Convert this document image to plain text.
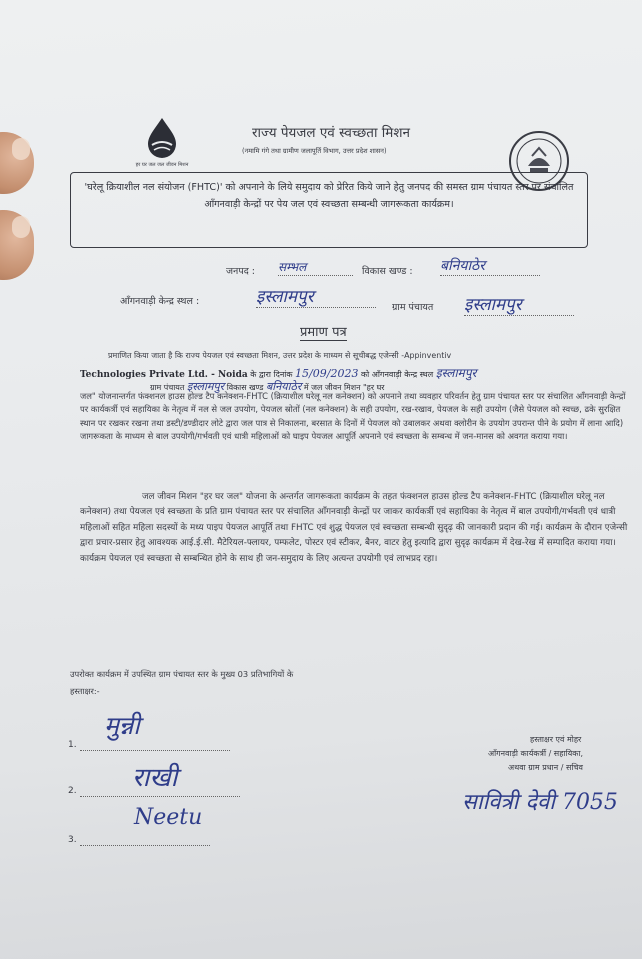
हर घर जल जल जीवन मिशन
राज्य पेयजल एवं स्वच्छता मिशन
(नमामि गंगे तथा ग्रामीण जलापूर्ति विभाग, उत्तर प्रदेश शासन)
'घरेलू क्रियाशील नल संयोजन (FHTC)' को अपनाने के लिये समुदाय को प्रेरित किये जाने हेतु जनपद की समस्त ग्राम पंचायत स्तर पर संचालित आँगनवाड़ी केन्द्रों पर पेय जल एवं स्वच्छता सम्बन्धी जागरूकता कार्यक्रम।
जनपद : सम्भल	विकास खण्ड : बनियाठेर
आँगनवाड़ी केन्द्र स्थल :	इस्लामपुर
ग्राम पंचायत इस्लामपुर
प्रमाण पत्र
प्रमाणित किया जाता है कि राज्य पेयजल एवं स्वच्छता मिशन, उत्तर प्रदेश के माध्यम से सूचीबद्ध एजेन्सी -Appinventiv
Technologies Private Ltd. - Noida के द्वारा दिनांक 15/09/2023 को आँगनवाड़ी केन्द्र स्थल इस्लामपुर
ग्राम पंचायत इस्लामपुर विकास खण्ड बनियाठेर में जल जीवन मिशन "हर घर
जल" योजनान्तर्गत फंक्शनल हाउस होल्ड टैप कनेक्शन-FHTC (क्रियाशील घरेलू नल कनेक्शन) को अपनाने तथा व्यवहार परिवर्तन हेतु ग्राम पंचायत स्तर पर संचालित आँगनवाड़ी केन्द्रों पर कार्यकर्त्री एवं सहायिका के नेतृत्व में नल से जल उपयोग, पेयजल स्रोतों (नल कनेक्शन) के सही उपयोग, रख-रखाव, पेयजल के सही उपयोग (जैसे पेयजल को स्वच्छ, ढके सुरक्षित स्थान पर रखकर रखना तथा डस्टी/डण्डीदार लोटे द्वारा जल पात्र से निकालना, बरसात के दिनों में पेयजल को उबालकर अथवा क्लोरीन के उपयोग उपरान्त पीने के प्रयोग में लाना आदि) जागरूकता के माध्यम से बाल उपयोगी/गर्भवती एवं धात्री महिलाओं को घाइप पेयजल आपूर्ति अपनाने एवं स्वच्छता के सम्बन्ध में जन-मानस को अवगत कराया गया।
जल जीवन मिशन "हर घर जल" योजना के अन्तर्गत जागरूकता कार्यक्रम के तहत फंक्शनल हाउस होल्ड टैप कनेक्शन-FHTC (क्रियाशील घरेलू नल कनेक्शन) तथा पेयजल एवं स्वच्छता के प्रति ग्राम पंचायत स्तर पर संचालित आँगनवाड़ी केन्द्रों पर जाकर कार्यकर्त्री एवं सहायिका के नेतृत्व में बाल उपयोगी/गर्भवती एवं धात्री महिलाओं सहित महिला सदस्यों के मध्य पाइप पेयजल आपूर्ति तथा FHTC एवं शुद्ध पेयजल एवं स्वच्छता सम्बन्धी सुदृढ़ की जानकारी प्रदान की गई। कार्यक्रम के दौरान एजेन्सी द्वारा प्रचार-प्रसार हेतु आवश्यक आई.ई.सी. मैटेरियल-फ्लायर, पम्फलेट, पोस्टर एवं स्टीकर, बैनर, वाटर हेतु इत्यादि द्वारा सुदृढ़ कार्यक्रम में देख-रेख में सम्पादित कराया गया। कार्यक्रम पेयजल एवं स्वच्छता से सम्बन्धित होने के साथ ही जन-समुदाय के लिए अत्यन्त उपयोगी एवं लाभप्रद रहा।
उपरोक्त कार्यक्रम में उपस्थित ग्राम पंचायत स्तर के मुख्य 03 प्रतिभागियों के
हस्ताक्षर:-
1.
मुन्नी
2. राखी
3.
Neetu
हस्ताक्षर एवं मोहर
आँगनवाड़ी कार्यकर्त्री / सहायिका,
अथवा ग्राम प्रधान / सचिव
सावित्री देवी 7055
